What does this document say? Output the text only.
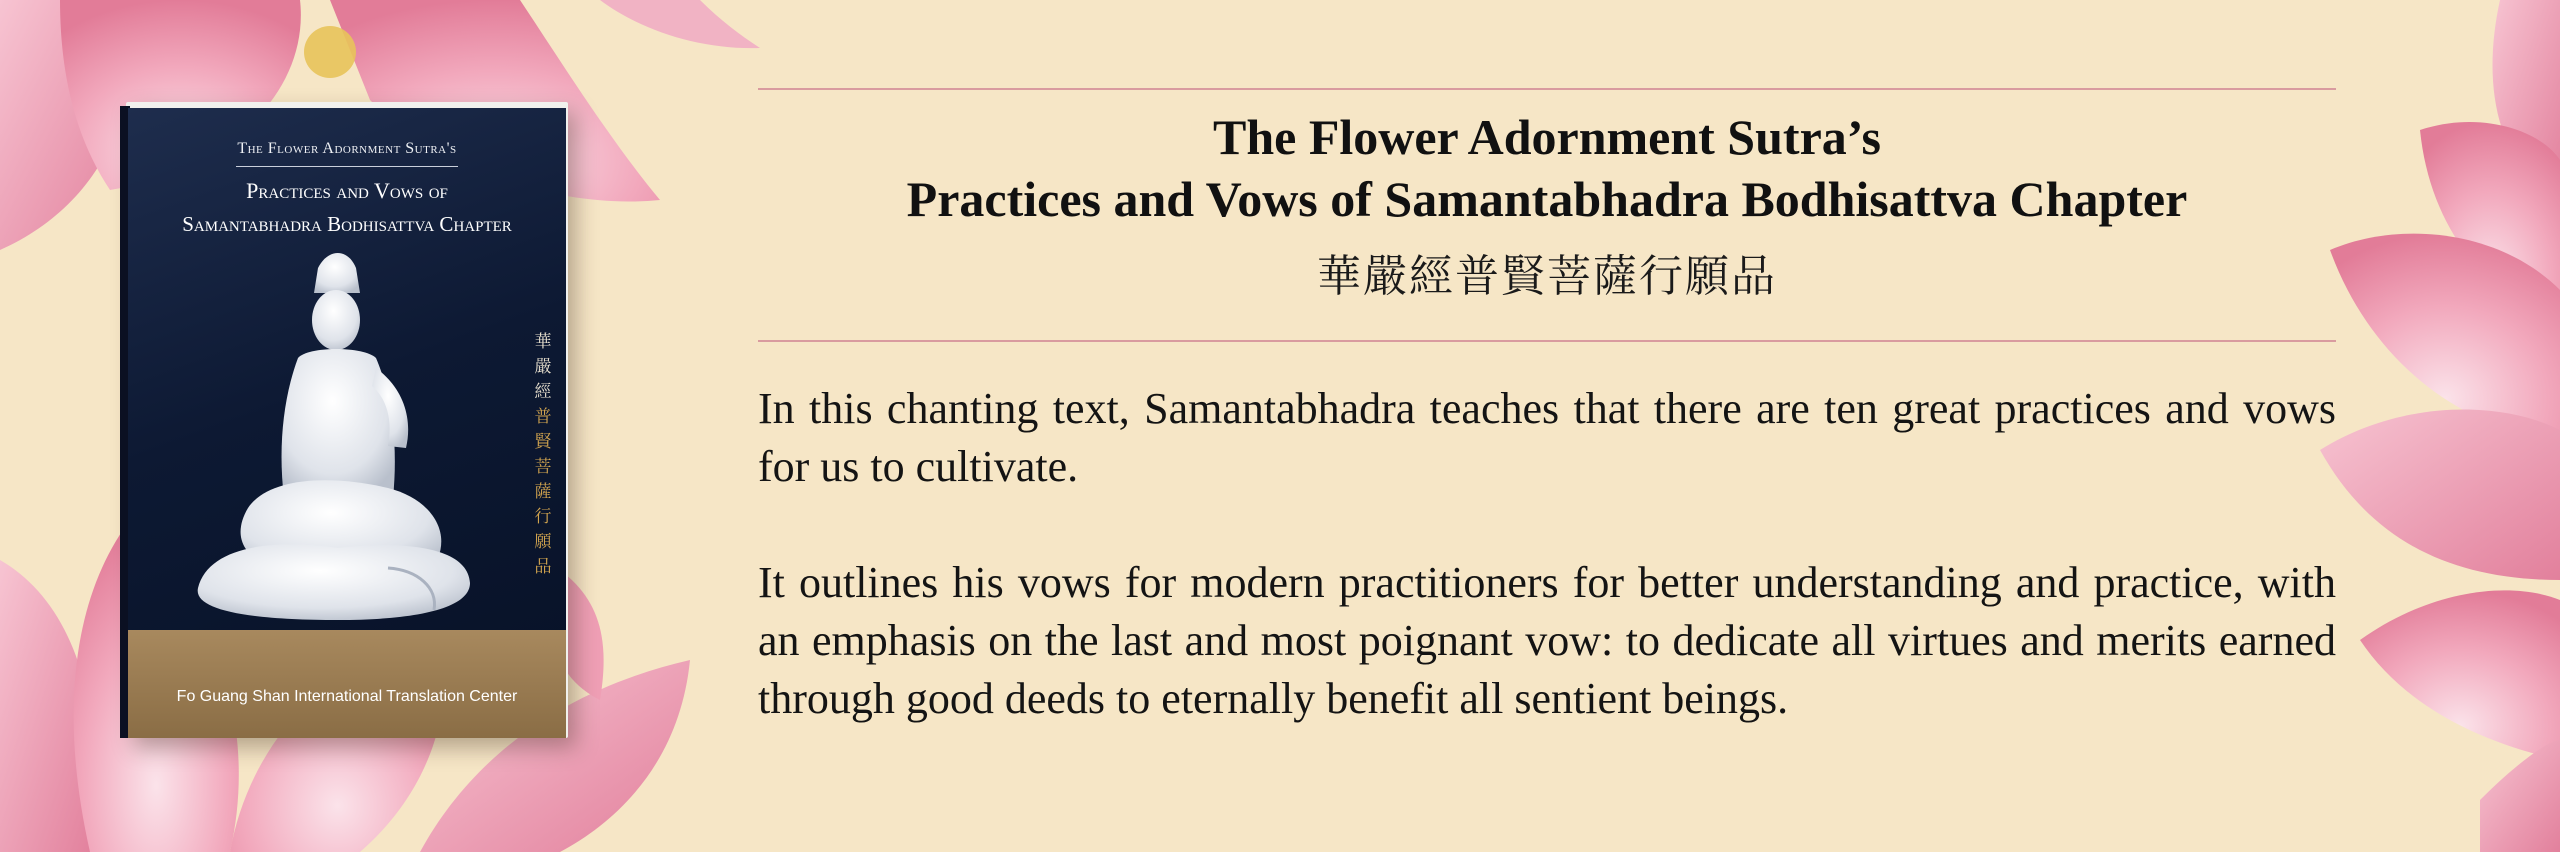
The Flower Adornment Sutra's
Practices and Vows of
Samantabhadra Bodhisattva Chapter
華
嚴
經
普
賢
菩
薩
行
願
品
Fo Guang Shan International Translation Center
The Flower Adornment Sutra’s
Practices and Vows of Samantabhadra Bodhisattva Chapter
華嚴經普賢菩薩行願品
In this chanting text, Samantabhadra teaches that there are ten great practices and vows for us to cultivate.
It outlines his vows for modern practitioners for better understanding and practice, with an emphasis on the last and most poignant vow: to dedicate all virtues and merits earned through good deeds to eternally benefit all sentient beings.
